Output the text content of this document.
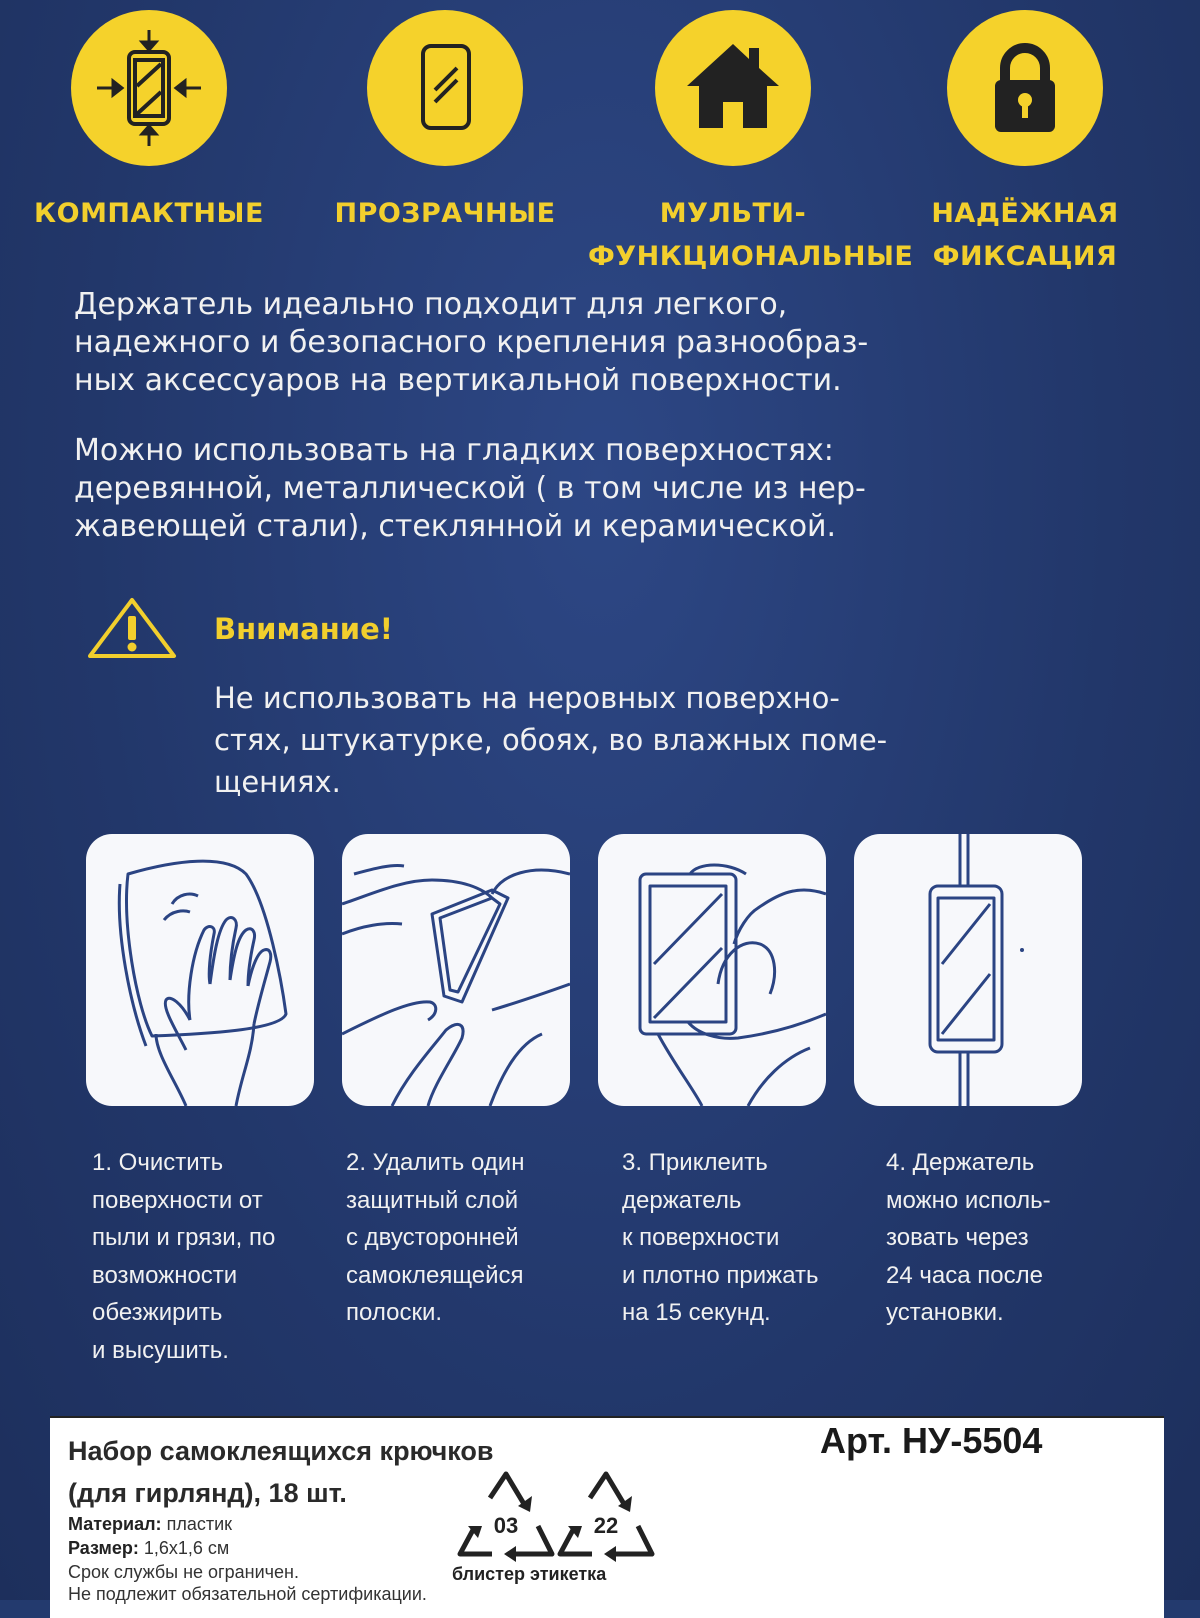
КОМПАКТНЫЕ	ПРОЗРАЧНЫЕ	МУЛЬТИ-
ФУНКЦИОНАЛЬНЫЕ
НАДЁЖНАЯ
ФИКСАЦИЯ
Держатель идеально подходит для легкого,
надежного и безопасного крепления разнообраз-
ных аксессуаров на вертикальной поверхности.
Можно использовать на гладких поверхностях:
деревянной, металлической ( в том числе из нер-
жавеющей стали), стеклянной и керамической.
Внимание!
Не использовать на неровных поверхно-
стях, штукатурке, обоях, во влажных поме-
щениях.
1. Очистить
поверхности от
пыли и грязи, по
возможности
обезжирить
и высушить.
2. Удалить один
защитный слой
с двусторонней
самоклеящейся
полоски.
3. Приклеить
держатель
к поверхности
и плотно прижать
на 15 секунд.
4. Держатель
можно исполь-
зовать через
24 часа после
установки.
Набор самоклеящихся крючков
(для гирлянд), 18 шт.
Арт. НУ-5504
Материал: пластик
Размер: 1,6x1,6 см
Срок службы не ограничен.
Не подлежит обязательной сертификации.
03	22
блистер этикетка
